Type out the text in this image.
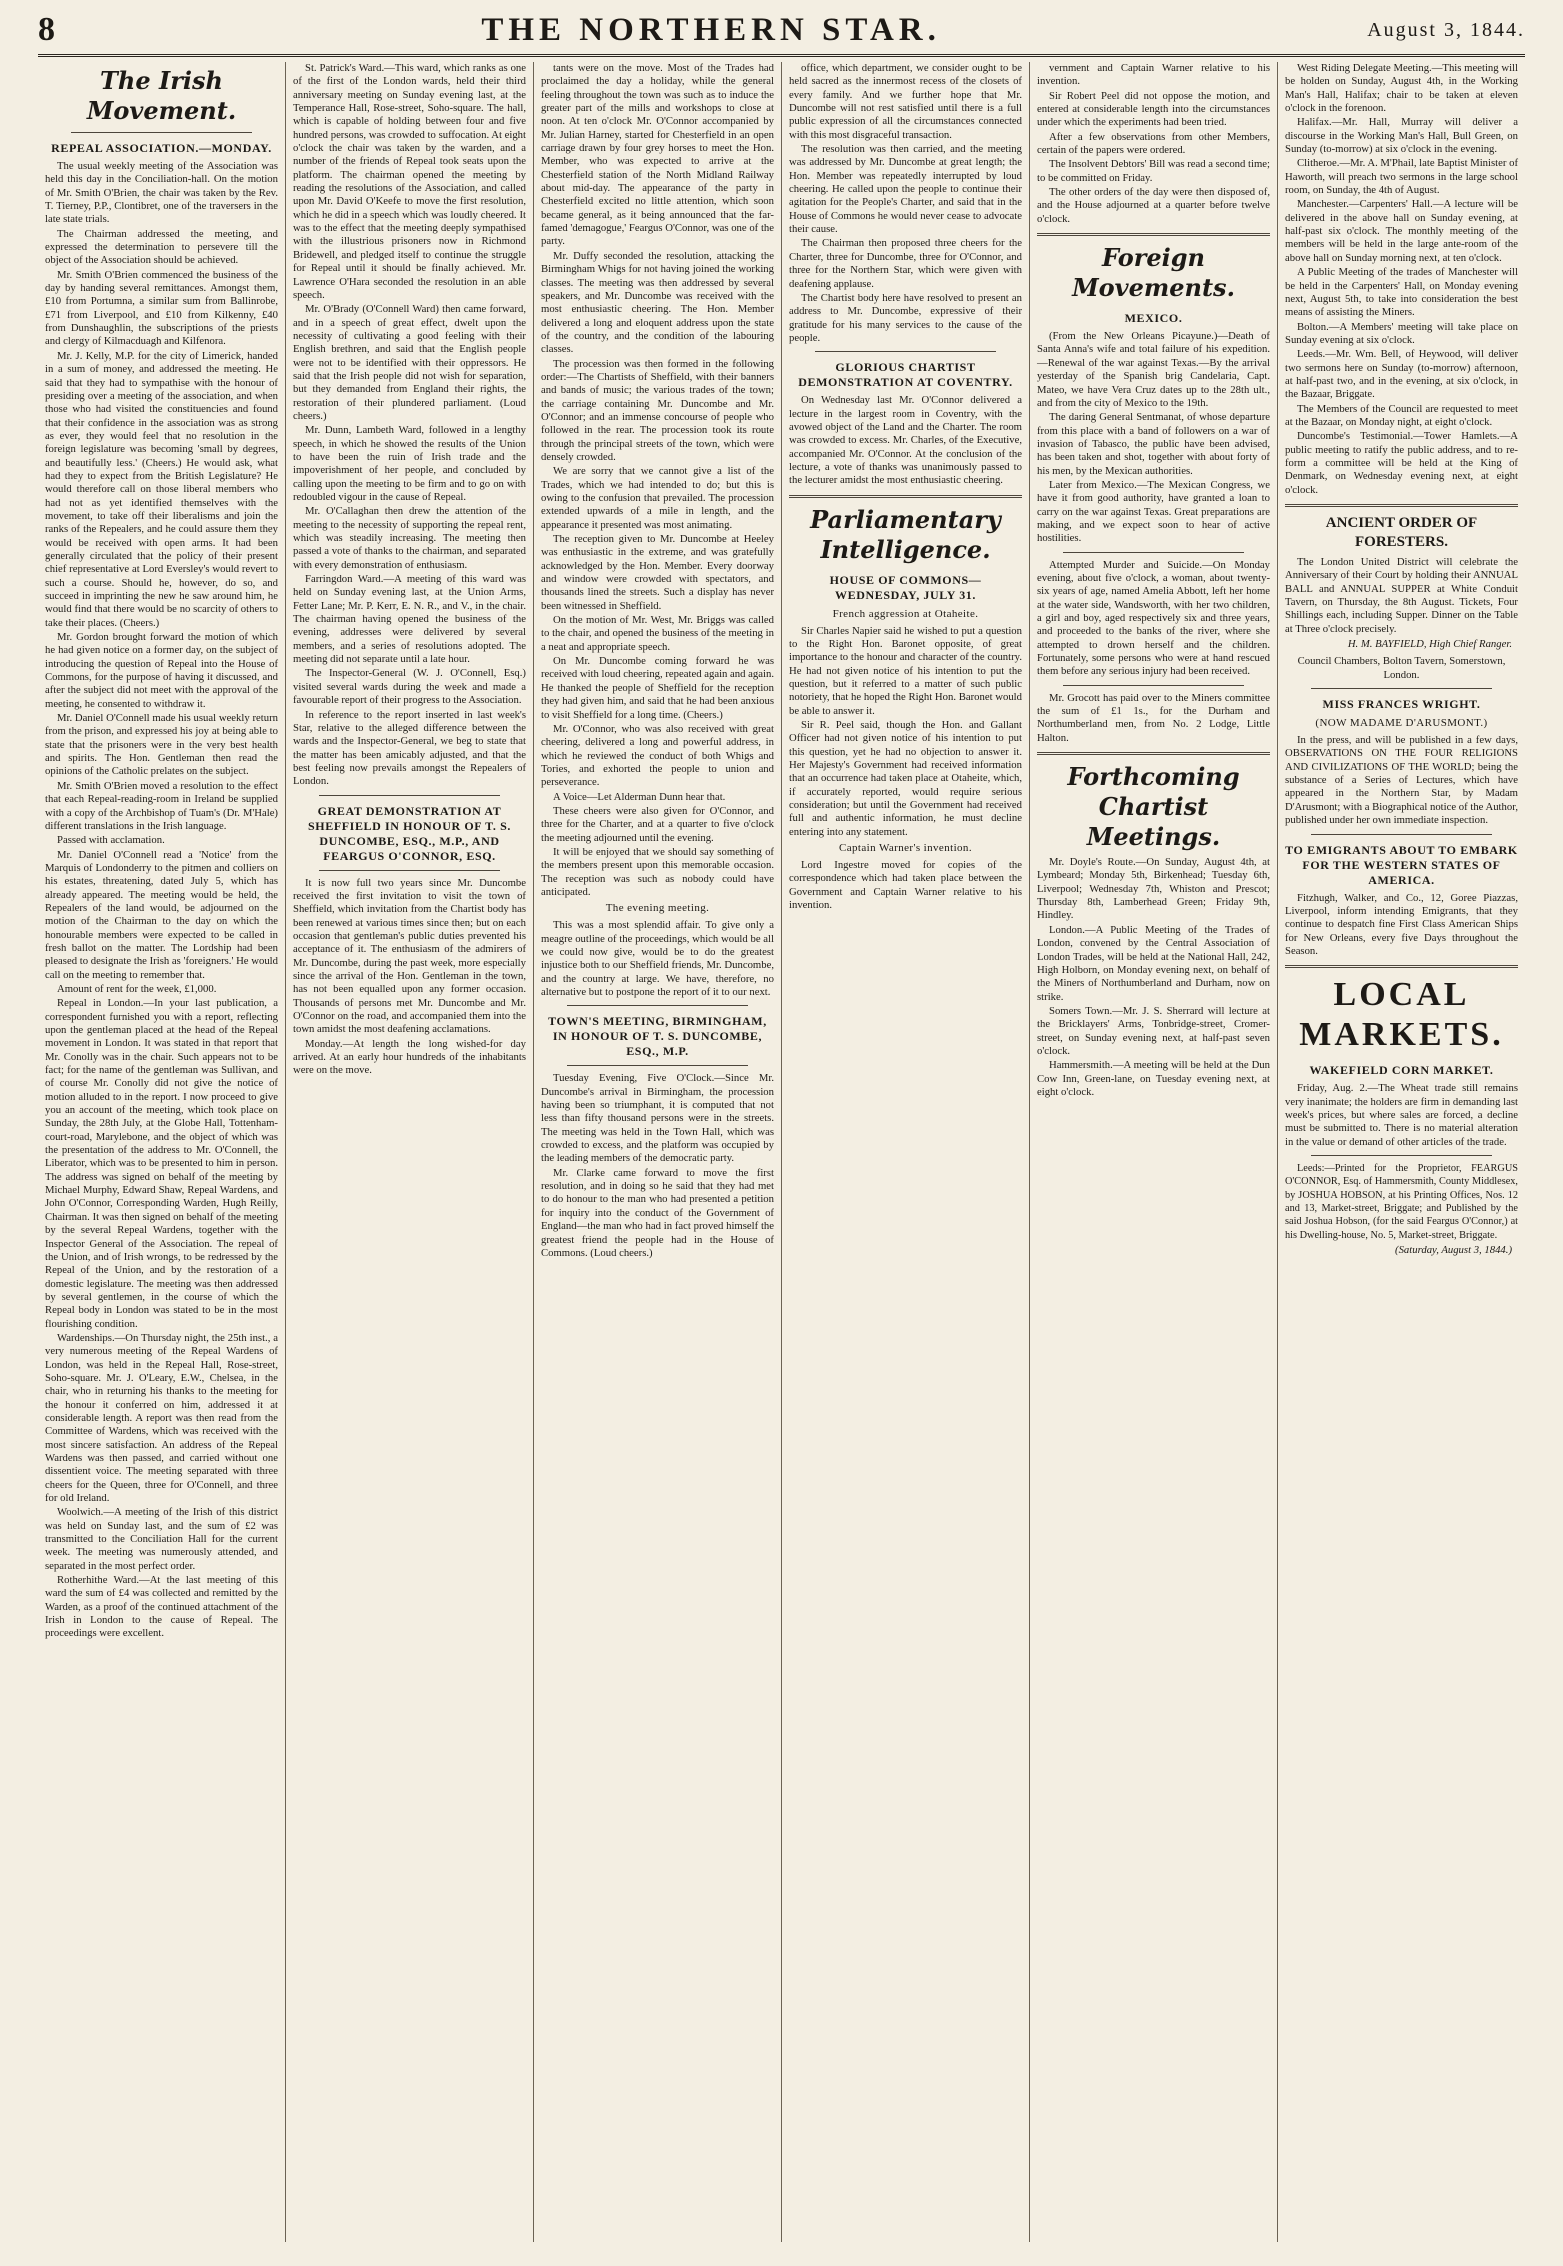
8	THE NORTHERN STAR.	August 3, 1844.
The Irish Movement.
REPEAL ASSOCIATION.—MONDAY.

The usual weekly meeting of the Association was held this day in the Conciliation-hall. On the motion of Mr. Smith O'Brien, the chair was taken by the Rev. T. Tierney, P.P., Clontibret, one of the traversers in the late state trials.

The Chairman addressed the meeting, and expressed the determination to persevere till the object of the Association should be achieved.

Mr. Smith O'Brien commenced the business of the day by handing several remittances. Amongst them, £10 from Portumna, a similar sum from Ballinrobe, £71 from Liverpool, and £10 from Kilkenny, £40 from Dunshaughlin, the subscriptions of the priests and clergy of Kilmacduagh and Kilfenora.

Mr. J. Kelly, M.P. for the city of Limerick, handed in a sum of money, and addressed the meeting. He said that they had to sympathise with the honour of presiding over a meeting of the association, and when those who had visited the constituencies and found that their confidence in the association was as strong as ever, they would feel that no resolution in the foreign legislature was becoming 'small by degrees, and beautifully less.' (Cheers.) He would ask, what had they to expect from the British Legislature? He would therefore call on those liberal members who had not as yet identified themselves with the movement, to take off their liberalisms and join the ranks of the Repealers, and he could assure them they would be received with open arms. It had been generally circulated that the policy of their present chief representative at Lord Eversley's would revert to such a course. Should he, however, do so, and succeed in imprinting the new he saw around him, he would find that there would be no scarcity of others to take their places. (Cheers.)

Mr. Gordon brought forward the motion of which he had given notice on a former day, on the subject of introducing the question of Repeal into the House of Commons, for the purpose of having it discussed, and after the subject did not meet with the approval of the meeting, he consented to withdraw it.

Mr. Daniel O'Connell made his usual weekly return from the prison, and expressed his joy at being able to state that the prisoners were in the very best health and spirits. The Hon. Gentleman then read the opinions of the Catholic prelates on the subject.

Mr. Smith O'Brien moved a resolution to the effect that each Repeal-reading-room in Ireland be supplied with a copy of the Archbishop of Tuam's (Dr. M'Hale) different translations in the Irish language.

Passed with acclamation.

Mr. Daniel O'Connell read a 'Notice' from the Marquis of Londonderry to the pitmen and colliers on his estates, threatening, dated July 5, which has already appeared. The meeting would be held, the Repealers of the land would, be adjourned on the motion of the Chairman to the day on which the honourable members were expected to be called in fresh ballot on the matter. The Lordship had been pleased to designate the Irish as 'foreigners.' He would call on the meeting to remember that.

Amount of rent for the week, £1,000.

Repeal in London.—In your last publication, a correspondent furnished you with a report, reflecting upon the gentleman placed at the head of the Repeal movement in London. It was stated in that report that Mr. Conolly was in the chair. Such appears not to be fact; for the name of the gentleman was Sullivan, and of course Mr. Conolly did not give the notice of motion alluded to in the report. I now proceed to give you an account of the meeting, which took place on Sunday, the 28th July, at the Globe Hall, Tottenham-court-road, Marylebone, and the object of which was the presentation of the address to Mr. O'Connell, the Liberator, which was to be presented to him in person. The address was signed on behalf of the meeting by Michael Murphy, Edward Shaw, Repeal Wardens, and John O'Connor, Corresponding Warden, Hugh Reilly, Chairman. It was then signed on behalf of the meeting by the several Repeal Wardens, together with the Inspector General of the Association. The repeal of the Union, and of Irish wrongs, to be redressed by the Repeal of the Union, and by the restoration of a domestic legislature. The meeting was then addressed by several gentlemen, in the course of which the Repeal body in London was stated to be in the most flourishing condition.

Wardenships.—On Thursday night, the 25th inst., a very numerous meeting of the Repeal Wardens of London, was held in the Repeal Hall, Rose-street, Soho-square. Mr. J. O'Leary, E.W., Chelsea, in the chair, who in returning his thanks to the meeting for the honour it conferred on him, addressed it at considerable length. A report was then read from the Committee of Wardens, which was received with the most sincere satisfaction. An address of the Repeal Wardens was then passed, and carried without one dissentient voice. The meeting separated with three cheers for the Queen, three for O'Connell, and three for old Ireland.

Woolwich.—A meeting of the Irish of this district was held on Sunday last, and the sum of £2 was transmitted to the Conciliation Hall for the current week. The meeting was numerously attended, and separated in the most perfect order.

Rotherhithe Ward.—At the last meeting of this ward the sum of £4 was collected and remitted by the Warden, as a proof of the continued attachment of the Irish in London to the cause of Repeal. The proceedings were excellent.

St. Patrick's Ward.—This ward, which ranks as one of the first of the London wards, held their third anniversary meeting on Sunday evening last, at the Temperance Hall, Rose-street, Soho-square. The hall, which is capable of holding between four and five hundred persons, was crowded to suffocation. At eight o'clock the chair was taken by the warden, and a number of the friends of Repeal took seats upon the platform. The chairman opened the meeting by reading the resolutions of the Association, and called upon Mr. David O'Keefe to move the first resolution, which he did in a speech which was loudly cheered. It was to the effect that the meeting deeply sympathised with the illustrious prisoners now in Richmond Bridewell, and pledged itself to continue the struggle for Repeal until it should be finally achieved. Mr. Lawrence O'Hara seconded the resolution in an able speech.

Mr. O'Brady (O'Connell Ward) then came forward, and in a speech of great effect, dwelt upon the necessity of cultivating a good feeling with their English brethren, and said that the English people were not to be identified with their oppressors. He said that the Irish people did not wish for separation, but they demanded from England their rights, the restoration of their plundered parliament. (Loud cheers.)

Mr. Dunn, Lambeth Ward, followed in a lengthy speech, in which he showed the results of the Union to have been the ruin of Irish trade and the impoverishment of her people, and concluded by calling upon the meeting to be firm and to go on with redoubled vigour in the cause of Repeal.

Mr. O'Callaghan then drew the attention of the meeting to the necessity of supporting the repeal rent, which was steadily increasing. The meeting then passed a vote of thanks to the chairman, and separated with every demonstration of enthusiasm.

Farringdon Ward.—A meeting of this ward was held on Sunday evening last, at the Union Arms, Fetter Lane; Mr. P. Kerr, E. N. R., and V., in the chair. The chairman having opened the business of the evening, addresses were delivered by several members, and a series of resolutions adopted. The meeting did not separate until a late hour.

The Inspector-General (W. J. O'Connell, Esq.) visited several wards during the week and made a favourable report of their progress to the Association.

In reference to the report inserted in last week's Star, relative to the alleged difference between the wards and the Inspector-General, we beg to state that the matter has been amicably adjusted, and that the best feeling now prevails amongst the Repealers of London.

GREAT DEMONSTRATION AT SHEFFIELD IN HONOUR OF T. S. DUNCOMBE, ESQ., M.P., AND FEARGUS O'CONNOR, ESQ.

It is now full two years since Mr. Duncombe received the first invitation to visit the town of Sheffield, which invitation from the Chartist body has been renewed at various times since then; but on each occasion that gentleman's public duties prevented his acceptance of it. The enthusiasm of the admirers of Mr. Duncombe, during the past week, more especially since the arrival of the Hon. Gentleman in the town, has not been equalled upon any former occasion. Thousands of persons met Mr. Duncombe and Mr. O'Connor on the road, and accompanied them into the town amidst the most deafening acclamations.

Monday.—At length the long wished-for day arrived. At an early hour hundreds of the inhabitants were on the move.

tants were on the move. Most of the Trades had proclaimed the day a holiday, while the general feeling throughout the town was such as to induce the greater part of the mills and workshops to close at noon. At ten o'clock Mr. O'Connor accompanied by Mr. Julian Harney, started for Chesterfield in an open carriage drawn by four grey horses to meet the Hon. Member, who was expected to arrive at the Chesterfield station of the North Midland Railway about mid-day. The appearance of the party in Chesterfield excited no little attention, which soon became general, as it being announced that the far-famed 'demagogue,' Feargus O'Connor, was one of the party.

Mr. Duffy seconded the resolution, attacking the Birmingham Whigs for not having joined the working classes. The meeting was then addressed by several speakers, and Mr. Duncombe was received with the most enthusiastic cheering. The Hon. Member delivered a long and eloquent address upon the state of the country, and the condition of the labouring classes.

The procession was then formed in the following order:—The Chartists of Sheffield, with their banners and bands of music; the various trades of the town; the carriage containing Mr. Duncombe and Mr. O'Connor; and an immense concourse of people who followed in the rear. The procession took its route through the principal streets of the town, which were densely crowded.

We are sorry that we cannot give a list of the Trades, which we had intended to do; but this is owing to the confusion that prevailed. The procession extended upwards of a mile in length, and the appearance it presented was most animating.

The reception given to Mr. Duncombe at Heeley was enthusiastic in the extreme, and was gratefully acknowledged by the Hon. Member. Every doorway and window were crowded with spectators, and thousands lined the streets. Such a display has never been witnessed in Sheffield.

On the motion of Mr. West, Mr. Briggs was called to the chair, and opened the business of the meeting in a neat and appropriate speech.

On Mr. Duncombe coming forward he was received with loud cheering, repeated again and again. He thanked the people of Sheffield for the reception they had given him, and said that he had been anxious to visit Sheffield for a long time. (Cheers.)

Mr. O'Connor, who was also received with great cheering, delivered a long and powerful address, in which he reviewed the conduct of both Whigs and Tories, and exhorted the people to union and perseverance.

A Voice—Let Alderman Dunn hear that.

These cheers were also given for O'Connor, and three for the Charter, and at a quarter to five o'clock the meeting adjourned until the evening.

It will be enjoyed that we should say something of the members present upon this memorable occasion. The reception was such as nobody could have anticipated.

The evening meeting.

This was a most splendid affair. To give only a meagre outline of the proceedings, which would be all we could now give, would be to do the greatest injustice both to our Sheffield friends, Mr. Duncombe, and the country at large. We have, therefore, no alternative but to postpone the report of it to our next.

TOWN'S MEETING, BIRMINGHAM, IN HONOUR OF T. S. DUNCOMBE, ESQ., M.P.

Tuesday Evening, Five O'Clock.—Since Mr. Duncombe's arrival in Birmingham, the procession having been so triumphant, it is computed that not less than fifty thousand persons were in the streets. The meeting was held in the Town Hall, which was crowded to excess, and the platform was occupied by the leading members of the democratic party.

Mr. Clarke came forward to move the first resolution, and in doing so he said that they had met to do honour to the man who had presented a petition for inquiry into the conduct of the Government of England—the man who had in fact proved himself the greatest friend the people had in the House of Commons. (Loud cheers.)

office, which department, we consider ought to be held sacred as the innermost recess of the closets of every family. And we further hope that Mr. Duncombe will not rest satisfied until there is a full public expression of all the circumstances connected with this most disgraceful transaction.

The resolution was then carried, and the meeting was addressed by Mr. Duncombe at great length; the Hon. Member was repeatedly interrupted by loud cheering. He called upon the people to continue their agitation for the People's Charter, and said that in the House of Commons he would never cease to advocate their cause.

The Chairman then proposed three cheers for the Charter, three for Duncombe, three for O'Connor, and three for the Northern Star, which were given with deafening applause.

The Chartist body here have resolved to present an address to Mr. Duncombe, expressive of their gratitude for his many services to the cause of the people.

GLORIOUS CHARTIST DEMONSTRATION AT COVENTRY.

On Wednesday last Mr. O'Connor delivered a lecture in the largest room in Coventry, with the avowed object of the Land and the Charter. The room was crowded to excess. Mr. Charles, of the Executive, accompanied Mr. O'Connor. At the conclusion of the lecture, a vote of thanks was unanimously passed to the lecturer amidst the most enthusiastic cheering.

Parliamentary Intelligence.
HOUSE OF COMMONS—WEDNESDAY, JULY 31.
French aggression at Otaheite.

Sir Charles Napier said he wished to put a question to the Right Hon. Baronet opposite, of great importance to the honour and character of the country. He had not given notice of his intention to put the question, but it referred to a matter of such public notoriety, that he hoped the Right Hon. Baronet would be able to answer it.

Sir R. Peel said, though the Hon. and Gallant Officer had not given notice of his intention to put this question, yet he had no objection to answer it. Her Majesty's Government had received information that an occurrence had taken place at Otaheite, which, if accurately reported, would require serious consideration; but until the Government had received full and authentic information, he must decline entering into any statement.

Captain Warner's invention.

Lord Ingestre moved for copies of the correspondence which had taken place between the Government and Captain Warner relative to his invention.

vernment and Captain Warner relative to his invention.

Sir Robert Peel did not oppose the motion, and entered at considerable length into the circumstances under which the experiments had been tried.

After a few observations from other Members, certain of the papers were ordered.

The Insolvent Debtors' Bill was read a second time; to be committed on Friday.

The other orders of the day were then disposed of, and the House adjourned at a quarter before twelve o'clock.

Foreign Movements.
MEXICO.

(From the New Orleans Picayune.)—Death of Santa Anna's wife and total failure of his expedition.—Renewal of the war against Texas.—By the arrival yesterday of the Spanish brig Candelaria, Capt. Mateo, we have Vera Cruz dates up to the 28th ult., and from the city of Mexico to the 19th.

The daring General Sentmanat, of whose departure from this place with a band of followers on a war of invasion of Tabasco, the public have been advised, has been taken and shot, together with about forty of his men, by the Mexican authorities.

Later from Mexico.—The Mexican Congress, we have it from good authority, have granted a loan to carry on the war against Texas. Great preparations are making, and we expect soon to hear of active hostilities.

Attempted Murder and Suicide.—On Monday evening, about five o'clock, a woman, about twenty-six years of age, named Amelia Abbott, left her home at the water side, Wandsworth, with her two children, a girl and boy, aged respectively six and three years, and proceeded to the banks of the river, where she attempted to drown herself and the children. Fortunately, some persons who were at hand rescued them before any serious injury had been received.

Mr. Grocott has paid over to the Miners committee the sum of £1 1s., for the Durham and Northumberland men, from No. 2 Lodge, Little Halton.

Forthcoming Chartist Meetings.

Mr. Doyle's Route.—On Sunday, August 4th, at Lymbeard; Monday 5th, Birkenhead; Tuesday 6th, Liverpool; Wednesday 7th, Whiston and Prescot; Thursday 8th, Lamberhead Green; Friday 9th, Hindley.

London.—A Public Meeting of the Trades of London, convened by the Central Association of London Trades, will be held at the National Hall, 242, High Holborn, on Monday evening next, on behalf of the Miners of Northumberland and Durham, now on strike.

Somers Town.—Mr. J. S. Sherrard will lecture at the Bricklayers' Arms, Tonbridge-street, Cromer-street, on Sunday evening next, at half-past seven o'clock.

Hammersmith.—A meeting will be held at the Dun Cow Inn, Green-lane, on Tuesday evening next, at eight o'clock.

West Riding Delegate Meeting.—This meeting will be holden on Sunday, August 4th, in the Working Man's Hall, Halifax; chair to be taken at eleven o'clock in the forenoon.

Halifax.—Mr. Hall, Murray will deliver a discourse in the Working Man's Hall, Bull Green, on Sunday (to-morrow) at six o'clock in the evening.

Clitheroe.—Mr. A. M'Phail, late Baptist Minister of Haworth, will preach two sermons in the large school room, on Sunday, the 4th of August.

Manchester.—Carpenters' Hall.—A lecture will be delivered in the above hall on Sunday evening, at half-past six o'clock. The monthly meeting of the members will be held in the large ante-room of the above hall on Sunday morning next, at ten o'clock.

A Public Meeting of the trades of Manchester will be held in the Carpenters' Hall, on Monday evening next, August 5th, to take into consideration the best means of assisting the Miners.

Bolton.—A Members' meeting will take place on Sunday evening at six o'clock.

Leeds.—Mr. Wm. Bell, of Heywood, will deliver two sermons here on Sunday (to-morrow) afternoon, at half-past two, and in the evening, at six o'clock, in the Bazaar, Briggate.

The Members of the Council are requested to meet at the Bazaar, on Monday night, at eight o'clock.

Duncombe's Testimonial.—Tower Hamlets.—A public meeting to ratify the public address, and to re-form a committee will be held at the King of Denmark, on Wednesday evening next, at eight o'clock.

ANCIENT ORDER OF FORESTERS.

The London United District will celebrate the Anniversary of their Court by holding their ANNUAL BALL and ANNUAL SUPPER at White Conduit Tavern, on Thursday, the 8th August. Tickets, Four Shillings each, including Supper. Dinner on the Table at Three o'clock precisely.

H. M. BAYFIELD, High Chief Ranger.

Council Chambers, Bolton Tavern, Somerstown, London.

MISS FRANCES WRIGHT.
(NOW MADAME D'ARUSMONT.)

In the press, and will be published in a few days, OBSERVATIONS ON THE FOUR RELIGIONS AND CIVILIZATIONS OF THE WORLD; being the substance of a Series of Lectures, which have appeared in the Northern Star, by Madam D'Arusmont; with a Biographical notice of the Author, published under her own immediate inspection.

TO EMIGRANTS ABOUT TO EMBARK FOR THE WESTERN STATES OF AMERICA.

Fitzhugh, Walker, and Co., 12, Goree Piazzas, Liverpool, inform intending Emigrants, that they continue to despatch fine First Class American Ships for New Orleans, every five Days throughout the Season.

LOCAL MARKETS.
WAKEFIELD CORN MARKET.

Friday, Aug. 2.—The Wheat trade still remains very inanimate; the holders are firm in demanding last week's prices, but where sales are forced, a decline must be submitted to. There is no material alteration in the value or demand of other articles of the trade.

Leeds:—Printed for the Proprietor, FEARGUS O'CONNOR, Esq. of Hammersmith, County Middlesex, by JOSHUA HOBSON, at his Printing Offices, Nos. 12 and 13, Market-street, Briggate; and Published by the said Joshua Hobson, (for the said Feargus O'Connor,) at his Dwelling-house, No. 5, Market-street, Briggate.

(Saturday, August 3, 1844.)
